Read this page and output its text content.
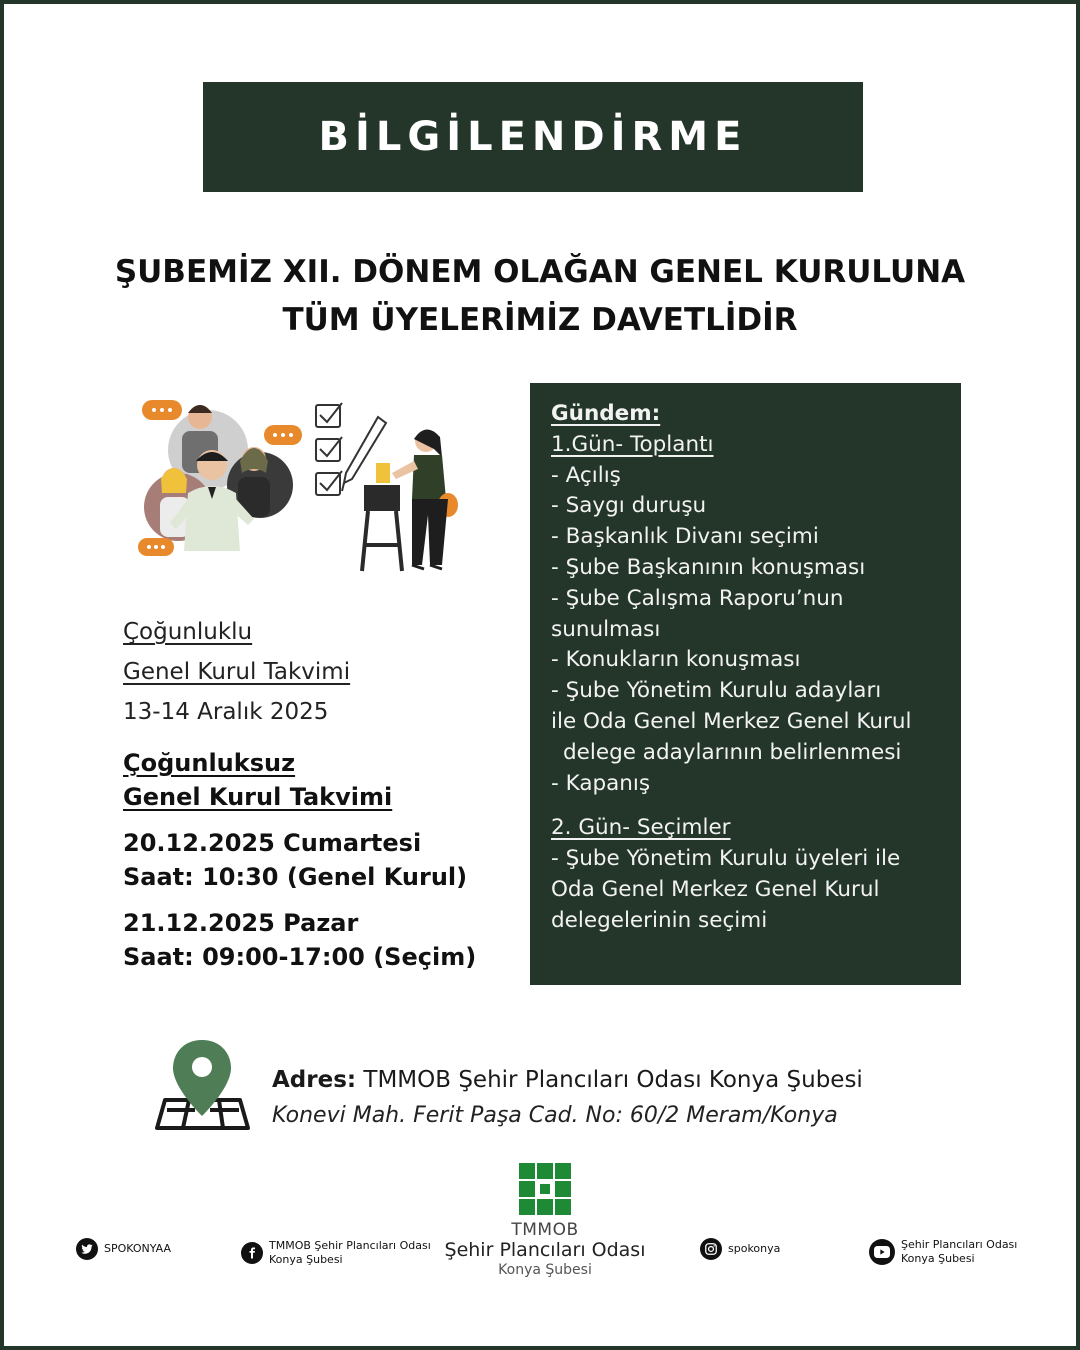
BİLGİLENDİRME
ŞUBEMİZ XII. DÖNEM OLAĞAN GENEL KURULUNA
TÜM ÜYELERİMİZ DAVETLİDİR
Çoğunluklu
Genel Kurul Takvimi
13-14 Aralık 2025
Çoğunluksuz
Genel Kurul Takvimi
20.12.2025 Cumartesi
Saat: 10:30 (Genel Kurul)
21.12.2025 Pazar
Saat: 09:00-17:00 (Seçim)
Gündem:
1.Gün- Toplantı
- Açılış
- Saygı duruşu
- Başkanlık Divanı seçimi
- Şube Başkanının konuşması
- Şube Çalışma Raporu’nun
sunulması
- Konukların konuşması
- Şube Yönetim Kurulu adayları
ile Oda Genel Merkez Genel Kurul
delege adaylarının belirlenmesi
- Kapanış
2. Gün- Seçimler
- Şube Yönetim Kurulu üyeleri ile
Oda Genel Merkez Genel Kurul
delegelerinin seçimi
Adres: TMMOB Şehir Plancıları Odası Konya Şubesi
Konevi Mah. Ferit Paşa Cad. No: 60/2 Meram/Konya
SPOKONYAA	TMMOB Şehir Plancıları Odası
Konya Şubesi
TMMOB
Şehir Plancıları Odası
Konya Şubesi
spokonya	Şehir Plancıları Odası
Konya Şubesi
